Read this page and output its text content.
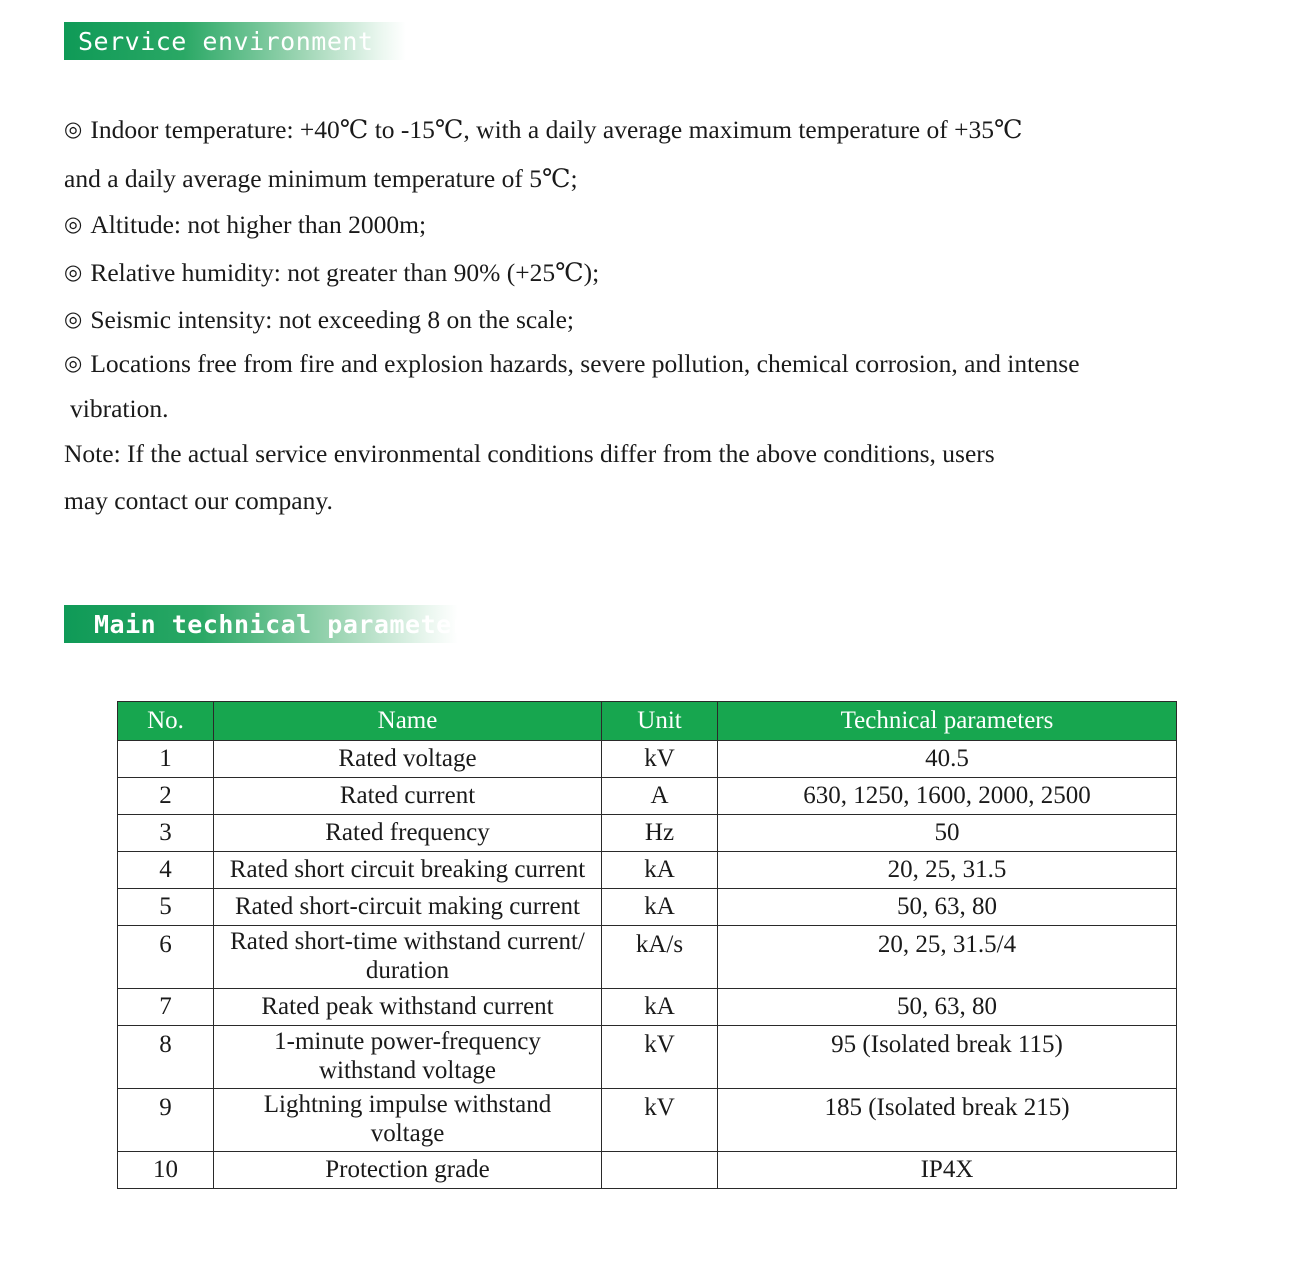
Service environment
◎ Indoor temperature: +40℃ to -15℃, with a daily average maximum temperature of +35℃
and a daily average minimum temperature of 5℃;
◎ Altitude: not higher than 2000m;
◎ Relative humidity: not greater than 90% (+25℃);
◎ Seismic intensity: not exceeding 8 on the scale;
◎ Locations free from fire and explosion hazards, severe pollution, chemical corrosion, and intense
vibration.
Note: If the actual service environmental conditions differ from the above conditions, users
may contact our company.
Main technical parameters
No.	Name	Unit	Technical parameters
1	Rated voltage	kV	40.5
2	Rated current	A	630, 1250, 1600, 2000, 2500
3	Rated frequency	Hz	50
4	Rated short circuit breaking current	kA	20, 25, 31.5
5	Rated short-circuit making current	kA	50, 63, 80
6	Rated short-time withstand current/ duration	kA/s	20, 25, 31.5/4
7	Rated peak withstand current	kA	50, 63, 80
8	1-minute power-frequency withstand voltage	kV	95 (Isolated break 115)
9	Lightning impulse withstand voltage	kV	185 (Isolated break 215)
10	Protection grade		IP4X
